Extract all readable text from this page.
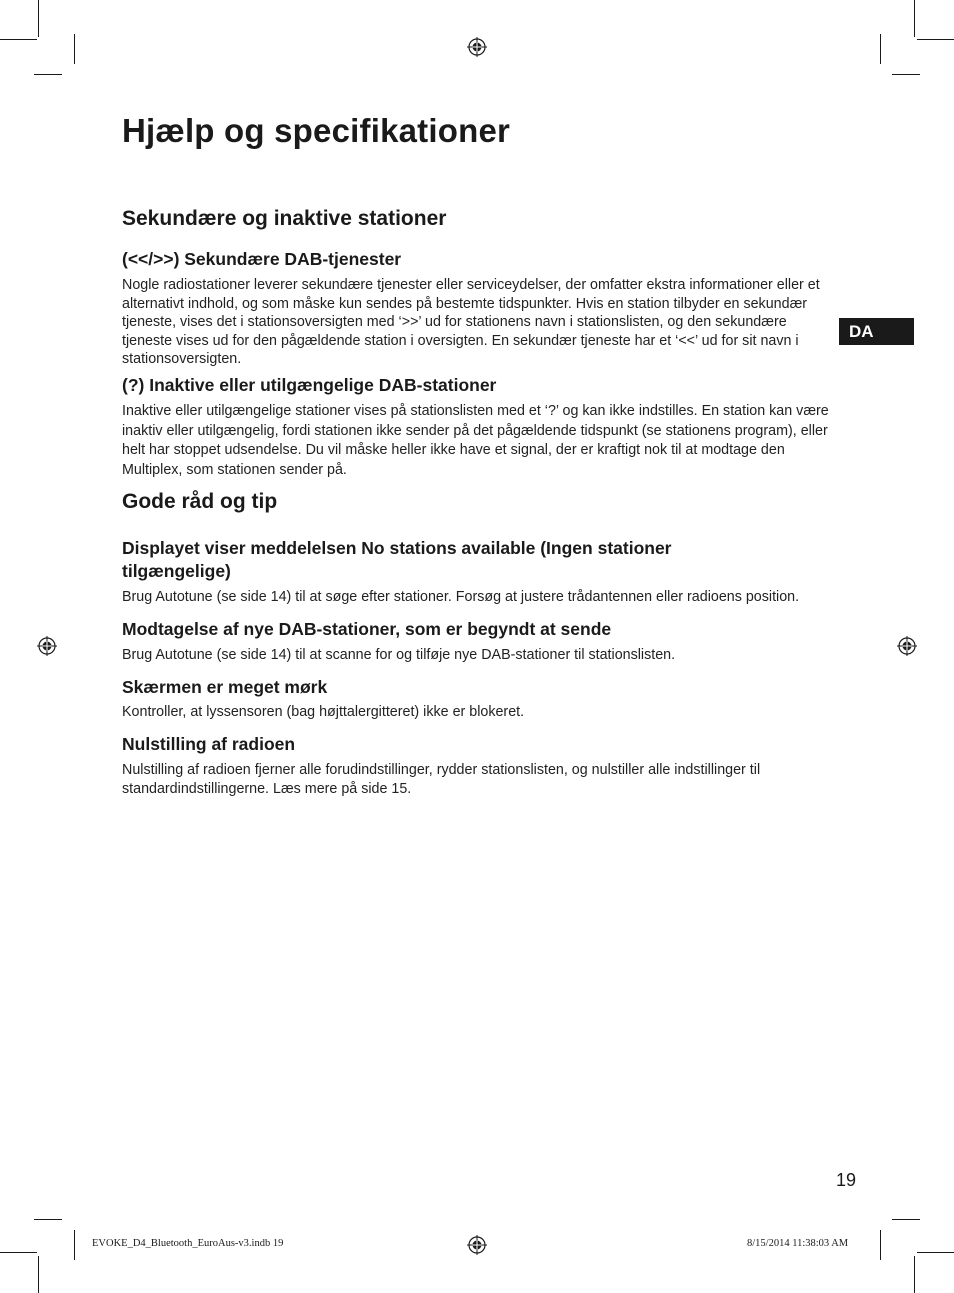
Hjælp og specifikationer
DA
Sekundære og inaktive stationer
(<</>>) Sekundære DAB-tjenester

Nogle radiostationer leverer sekundære tjenester eller serviceydelser, der omfatter ekstra informationer eller et alternativt indhold, og som måske kun sendes på bestemte tidspunkter. Hvis en station tilbyder en sekundær tjeneste, vises det i stationsoversigten med ‘>>’ ud for stationens navn i stationslisten, og den sekundære tjeneste vises ud for den pågældende station i oversigten. En sekundær tjeneste har et ‘<<’ ud for sit navn i stationsoversigten.

(?) Inaktive eller utilgængelige DAB-stationer

Inaktive eller utilgængelige stationer vises på stationslisten med et ‘?’ og kan ikke indstilles. En station kan være inaktiv eller utilgængelig, fordi stationen ikke sender på det pågældende tidspunkt (se stationens program), eller helt har stoppet udsendelse. Du vil måske heller ikke have et signal, der er kraftigt nok til at modtage den Multiplex, som stationen sender på.

Gode råd og tip
Displayet viser meddelelsen No stations available (Ingen stationer
tilgængelige)

Brug Autotune (se side 14) til at søge efter stationer. Forsøg at justere trådantennen eller radioens position.

Modtagelse af nye DAB-stationer, som er begyndt at sende

Brug Autotune (se side 14) til at scanne for og tilføje nye DAB-stationer til stationslisten.

Skærmen er meget mørk

Kontroller, at lyssensoren (bag højttalergitteret) ikke er blokeret.

Nulstilling af radioen

Nulstilling af radioen fjerner alle forudindstillinger, rydder stationslisten, og nulstiller alle indstillinger til standardindstillingerne. Læs mere på side 15.

19
EVOKE_D4_Bluetooth_EuroAus-v3.indb 19	8/15/2014 11:38:03 AM
